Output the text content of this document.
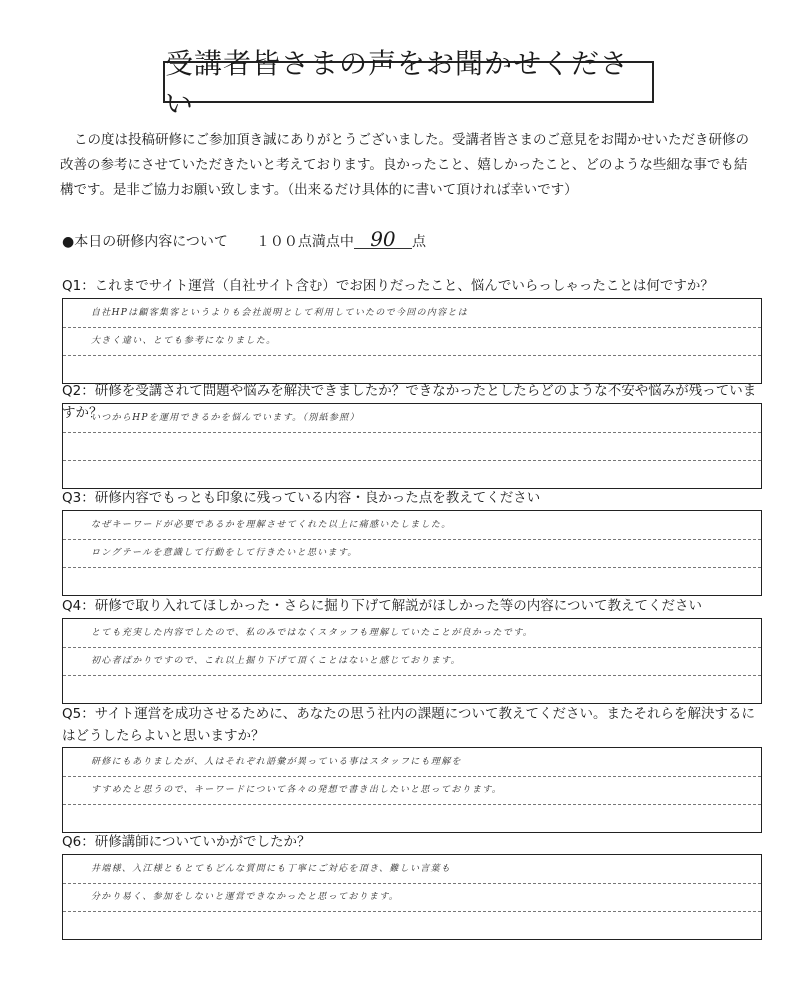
受講者皆さまの声をお聞かせください
この度は投稿研修にご参加頂き誠にありがとうございました。受講者皆さまのご意見をお聞かせいただき研修の改善の参考にさせていただきたいと考えております。良かったこと、嬉しかったこと、どのような些細な事でも結構です。是非ご協力お願い致します。（出来るだけ具体的に書いて頂ければ幸いです）
●本日の研修内容について １００点満点中 90 点
Q1：これまでサイト運営（自社サイト含む）でお困りだったこと、悩んでいらっしゃったことは何ですか？
自社HPは顧客集客というよりも会社説明として利用していたので今回の内容とは
大きく違い、とても参考になりました。
Q2：研修を受講されて問題や悩みを解決できましたか？できなかったとしたらどのような不安や悩みが残っていますか？
いつからHPを運用できるかを悩んでいます。（別紙参照）
Q3：研修内容でもっとも印象に残っている内容・良かった点を教えてください
なぜキーワードが必要であるかを理解させてくれた以上に痛感いたしました。
ロングテールを意識して行動をして行きたいと思います。
Q4：研修で取り入れてほしかった・さらに掘り下げて解説がほしかった等の内容について教えてください
とても充実した内容でしたので、私のみではなくスタッフも理解していたことが良かったです。
初心者ばかりですので、これ以上掘り下げて頂くことはないと感じております。
Q5：サイト運営を成功させるために、あなたの思う社内の課題について教えてください。またそれらを解決するにはどうしたらよいと思いますか？
研修にもありましたが、人はそれぞれ語彙が異っている事はスタッフにも理解を
すすめたと思うので、キーワードについて各々の発想で書き出したいと思っております。
Q6：研修講師についていかがでしたか？
井端様、入江様ともとてもどんな質問にも丁寧にご対応を頂き、難しい言葉も
分かり易く、参加をしないと運営できなかったと思っております。
